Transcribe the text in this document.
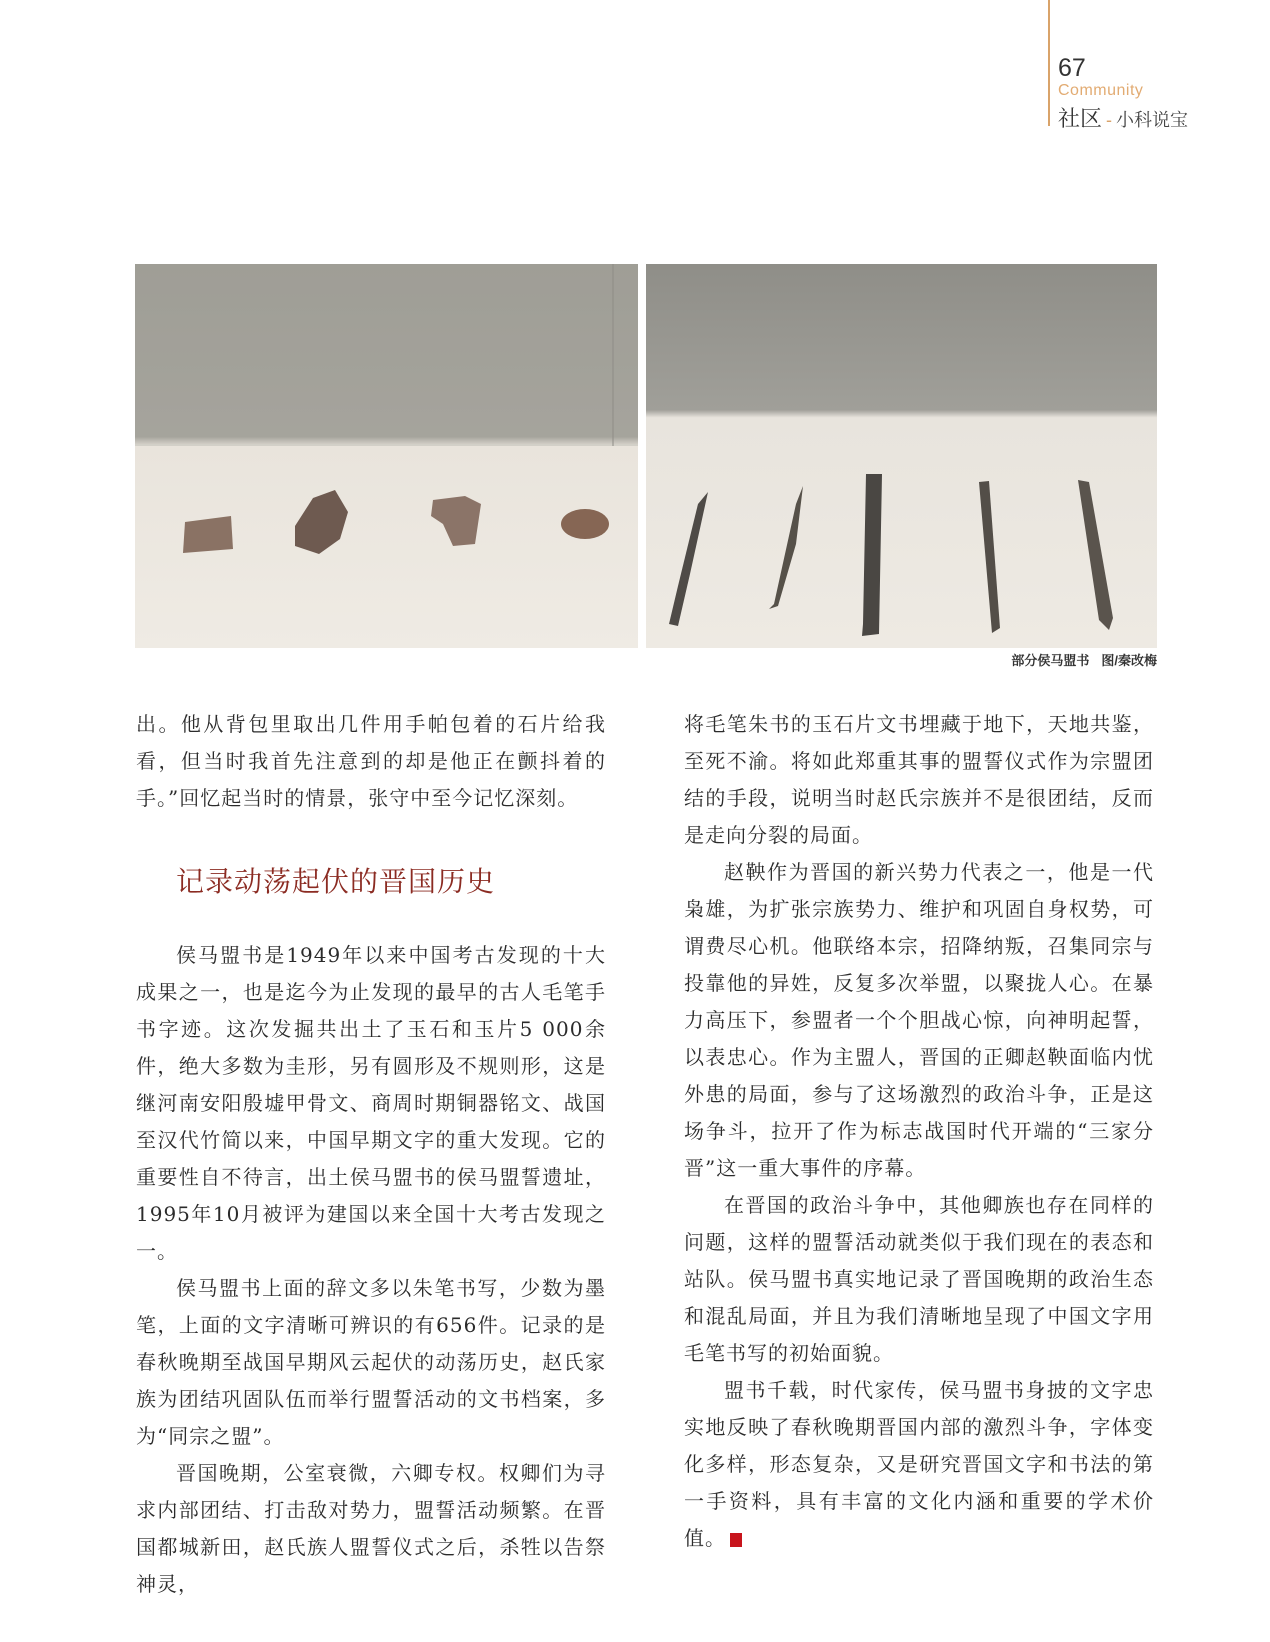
67
Community
社区 - 小科说宝
部分侯马盟书 图/秦改梅

出。他从背包里取出几件用手帕包着的石片给我看，但当时我首先注意到的却是他正在颤抖着的手。”回忆起当时的情景，张守中至今记忆深刻。

记录动荡起伏的晋国历史

侯马盟书是1949年以来中国考古发现的十大成果之一，也是迄今为止发现的最早的古人毛笔手书字迹。这次发掘共出土了玉石和玉片5 000余件，绝大多数为圭形，另有圆形及不规则形，这是继河南安阳殷墟甲骨文、商周时期铜器铭文、战国至汉代竹简以来，中国早期文字的重大发现。它的重要性自不待言，出土侯马盟书的侯马盟誓遗址，1995年10月被评为建国以来全国十大考古发现之一。

侯马盟书上面的辞文多以朱笔书写，少数为墨笔，上面的文字清晰可辨识的有656件。记录的是春秋晚期至战国早期风云起伏的动荡历史，赵氏家族为团结巩固队伍而举行盟誓活动的文书档案，多为“同宗之盟”。

晋国晚期，公室衰微，六卿专权。权卿们为寻求内部团结、打击敌对势力，盟誓活动频繁。在晋国都城新田，赵氏族人盟誓仪式之后，杀牲以告祭神灵，

将毛笔朱书的玉石片文书埋藏于地下，天地共鉴，至死不渝。将如此郑重其事的盟誓仪式作为宗盟团结的手段，说明当时赵氏宗族并不是很团结，反而是走向分裂的局面。

赵鞅作为晋国的新兴势力代表之一，他是一代枭雄，为扩张宗族势力、维护和巩固自身权势，可谓费尽心机。他联络本宗，招降纳叛，召集同宗与投靠他的异姓，反复多次举盟，以聚拢人心。在暴力高压下，参盟者一个个胆战心惊，向神明起誓，以表忠心。作为主盟人，晋国的正卿赵鞅面临内忧外患的局面，参与了这场激烈的政治斗争，正是这场争斗，拉开了作为标志战国时代开端的“三家分晋”这一重大事件的序幕。

在晋国的政治斗争中，其他卿族也存在同样的问题，这样的盟誓活动就类似于我们现在的表态和站队。侯马盟书真实地记录了晋国晚期的政治生态和混乱局面，并且为我们清晰地呈现了中国文字用毛笔书写的初始面貌。

盟书千载，时代家传，侯马盟书身披的文字忠实地反映了春秋晚期晋国内部的激烈斗争，字体变化多样，形态复杂，又是研究晋国文字和书法的第一手资料，具有丰富的文化内涵和重要的学术价值。
